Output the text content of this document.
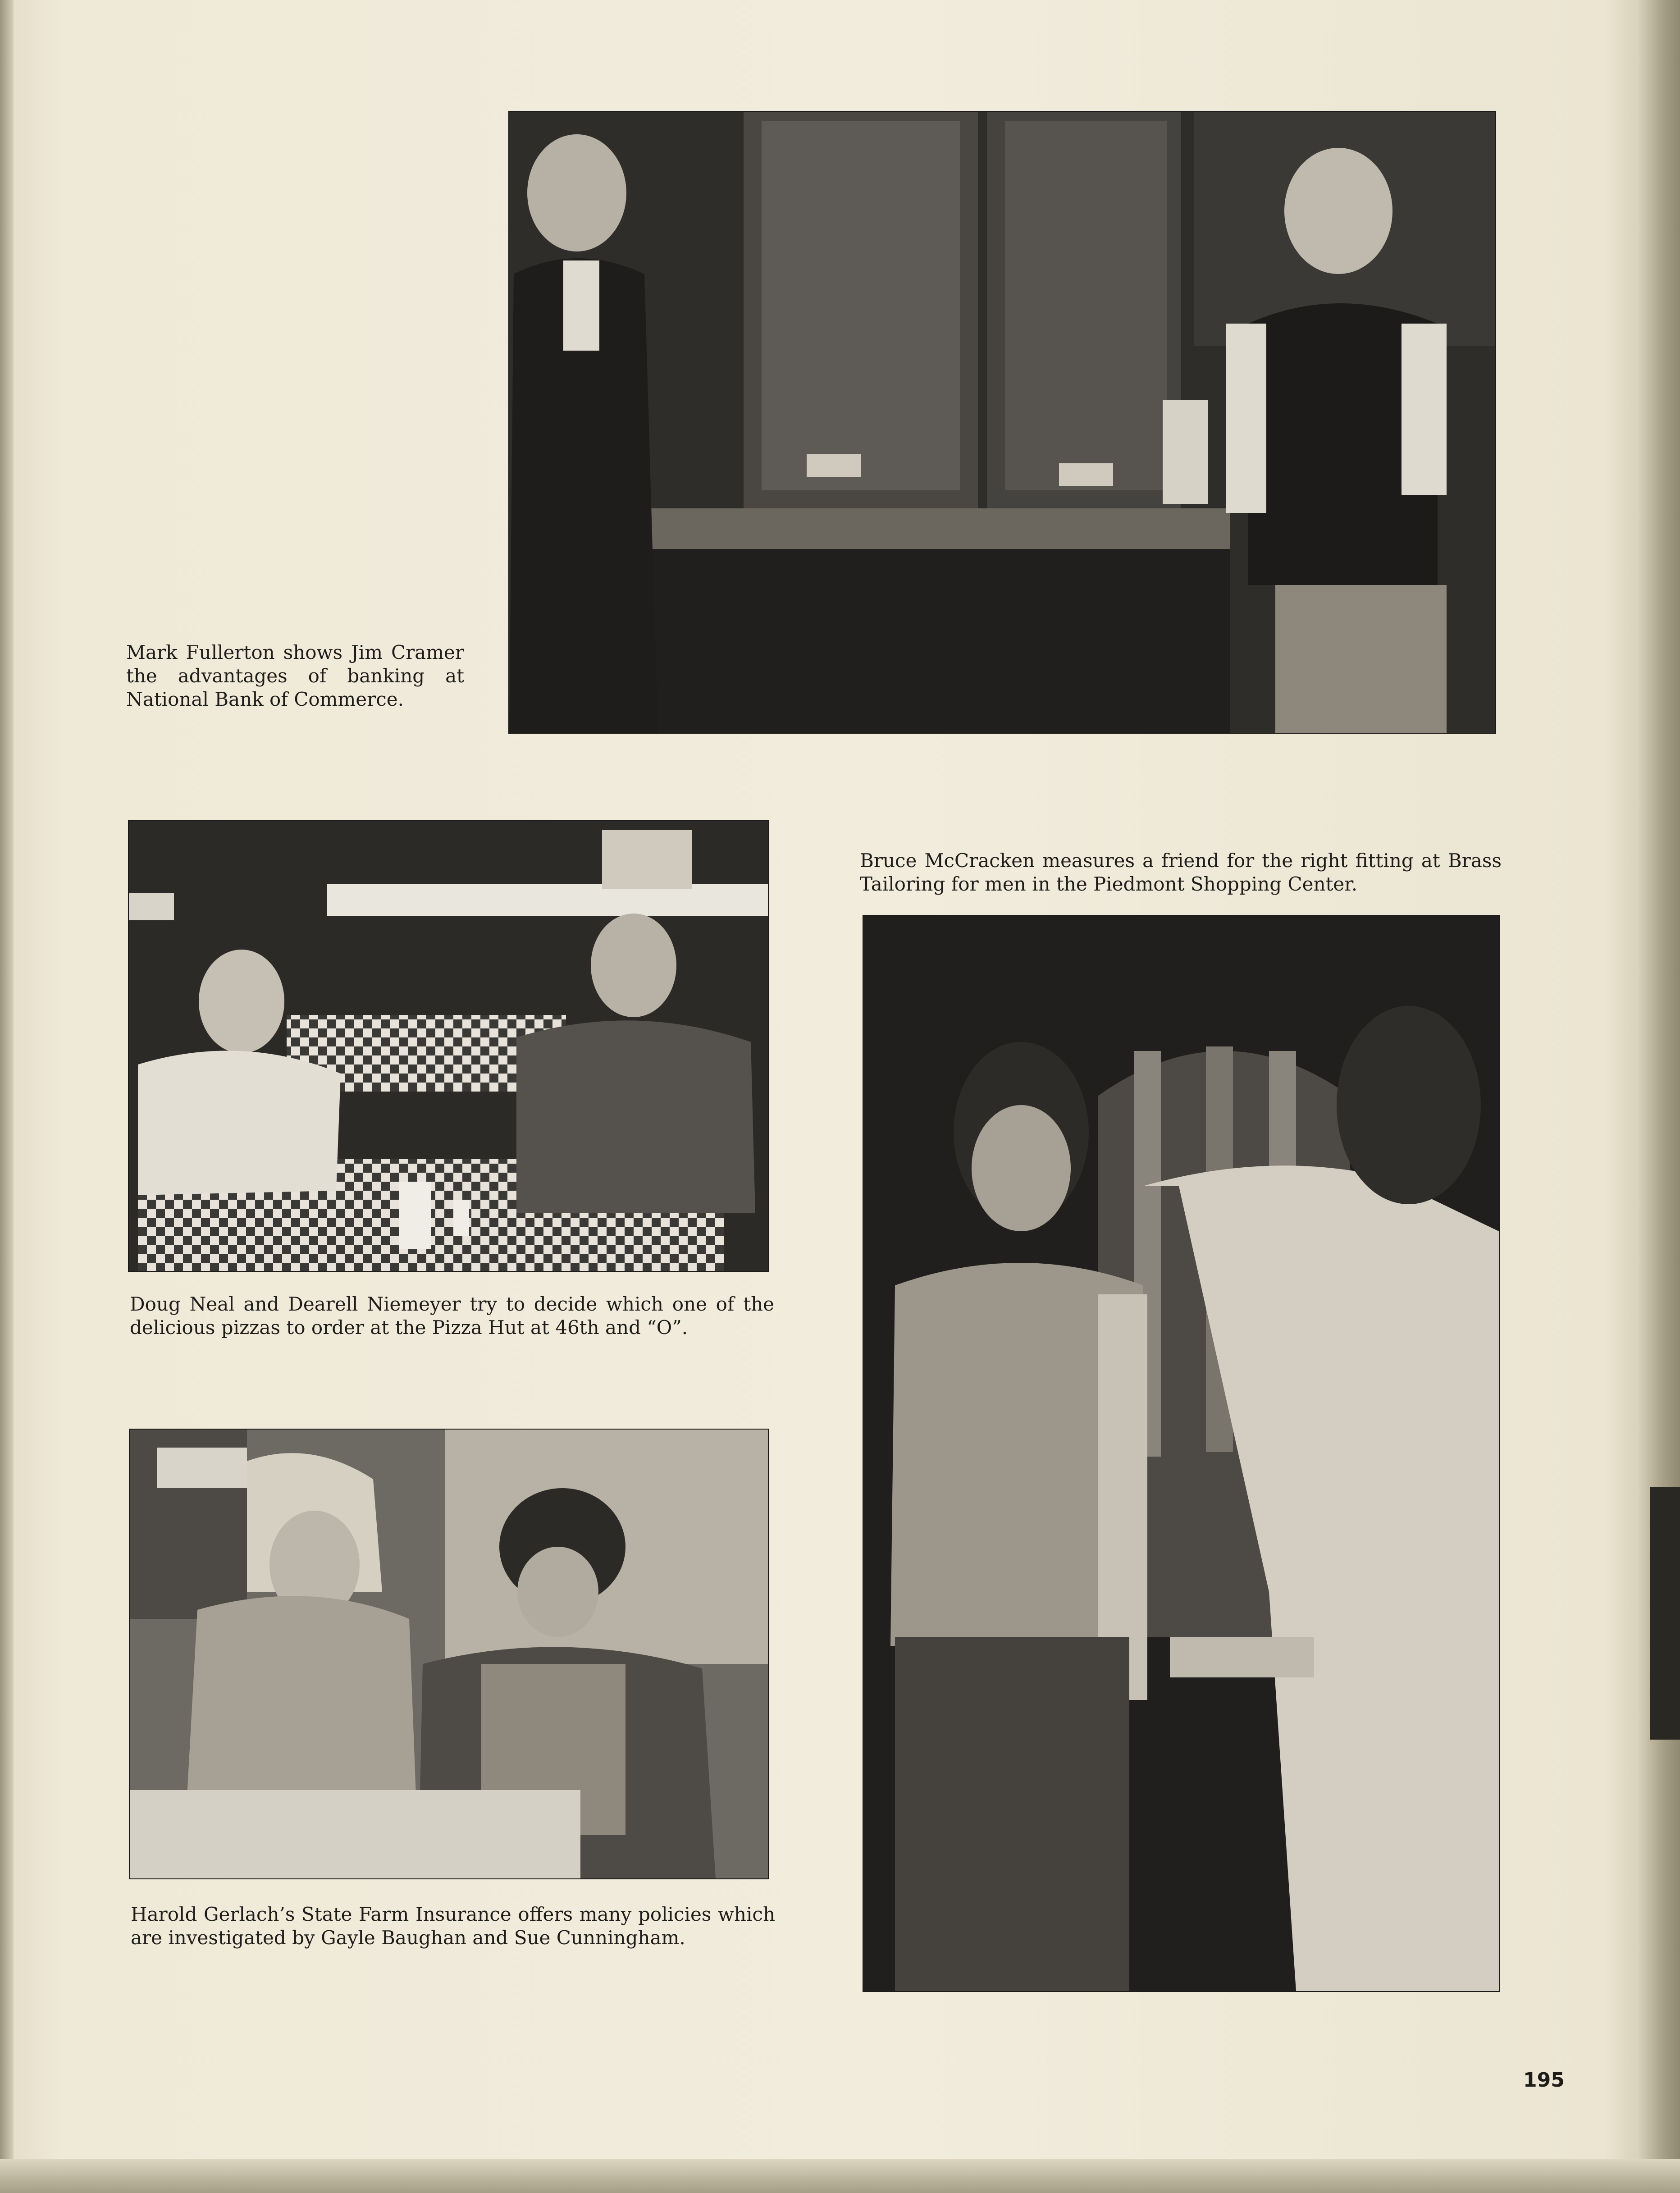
Mark Fullerton shows Jim Cramer the advantages of banking at National Bank of Commerce.

Doug Neal and Dearell Niemeyer try to decide which one of the delicious pizzas to order at the Pizza Hut at 46th and “O”.

Harold Gerlach’s State Farm Insurance offers many policies which are investigated by Gayle Baughan and Sue Cunningham.

Bruce McCracken measures a friend for the right fitting at Brass Tailoring for men in the Piedmont Shopping Center.

195
